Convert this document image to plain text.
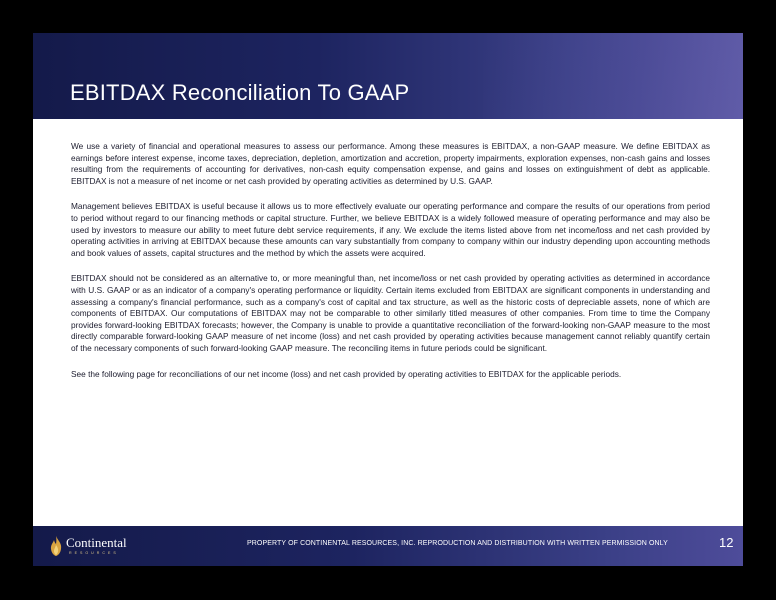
EBITDAX Reconciliation To GAAP

We use a variety of financial and operational measures to assess our performance. Among these measures is EBITDAX, a non-GAAP measure. We define EBITDAX as earnings before interest expense, income taxes, depreciation, depletion, amortization and accretion, property impairments, exploration expenses, non-cash gains and losses resulting from the requirements of accounting for derivatives, non-cash equity compensation expense, and gains and losses on extinguishment of debt as applicable. EBITDAX is not a measure of net income or net cash provided by operating activities as determined by U.S. GAAP.

Management believes EBITDAX is useful because it allows us to more effectively evaluate our operating performance and compare the results of our operations from period to period without regard to our financing methods or capital structure. Further, we believe EBITDAX is a widely followed measure of operating performance and may also be used by investors to measure our ability to meet future debt service requirements, if any. We exclude the items listed above from net income/loss and net cash provided by operating activities in arriving at EBITDAX because these amounts can vary substantially from company to company within our industry depending upon accounting methods and book values of assets, capital structures and the method by which the assets were acquired.

EBITDAX should not be considered as an alternative to, or more meaningful than, net income/loss or net cash provided by operating activities as determined in accordance with U.S. GAAP or as an indicator of a company's operating performance or liquidity. Certain items excluded from EBITDAX are significant components in understanding and assessing a company's financial performance, such as a company's cost of capital and tax structure, as well as the historic costs of depreciable assets, none of which are components of EBITDAX. Our computations of EBITDAX may not be comparable to other similarly titled measures of other companies. From time to time the Company provides forward-looking EBITDAX forecasts; however, the Company is unable to provide a quantitative reconciliation of the forward-looking non-GAAP measure to the most directly comparable forward-looking GAAP measure of net income (loss) and net cash provided by operating activities because management cannot reliably quantify certain of the necessary components of such forward-looking GAAP measure. The reconciling items in future periods could be significant.

See the following page for reconciliations of our net income (loss) and net cash provided by operating activities to EBITDAX for the applicable periods.

Continental
RESOURCES
PROPERTY OF CONTINENTAL RESOURCES, INC. REPRODUCTION AND DISTRIBUTION WITH WRITTEN PERMISSION ONLY	12
